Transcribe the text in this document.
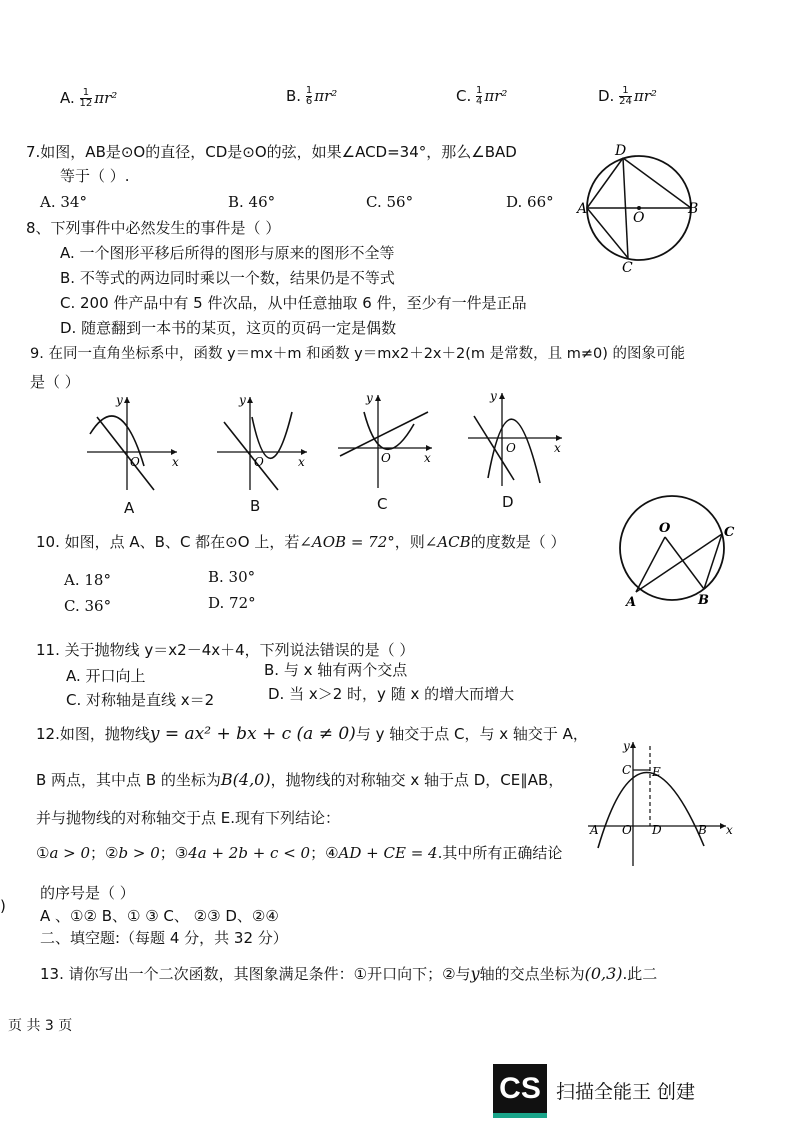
A. $\frac{1}{12} \pi r^2$	B. $\frac{1}{6} \pi r^2$	C. $\frac{1}{4} \pi r^2$	D. $\frac{1}{24} \pi r^2$
7.如图，AB是⊙O的直径，CD是⊙O的弦，如果∠ACD=34°，那么∠BAD
等于（ ）.
A. 34°	B. 46°	C. 56°	D. 66°
D
A
O
B
C
8、下列事件中必然发生的事件是（ ）
A. 一个图形平移后所得的图形与原来的图形不全等
B. 不等式的两边同时乘以一个数，结果仍是不等式
C. 200 件产品中有 5 件次品，从中任意抽取 6 件，至少有一件是正品
D. 随意翻到一本书的某页，这页的页码一定是偶数
9. 在同一直角坐标系中，函数 y＝mx＋m 和函数 y＝mx2＋2x＋2(m 是常数，且 m≠0) 的图象可能
是（ ）
y
x
O
A
y
x
O
B
y
x
O
C
y
x
O
D
10. 如图，点 A、B、C 都在⊙O 上，若∠AOB = 72°，则∠ACB的度数是（ ）
A. 18°	B. 30°
C. 36°	D. 72°
O	C
A	B
11. 关于抛物线 y＝x2－4x＋4，下列说法错误的是（ ）
A. 开口向上	B. 与 x 轴有两个交点
C. 对称轴是直线 x＝2	D. 当 x＞2 时，y 随 x 的增大而增大
12.如图，抛物线y = ax² + bx + c (a ≠ 0)与 y 轴交于点 C，与 x 轴交于 A，
B 两点，其中点 B 的坐标为B(4,0)，抛物线的对称轴交 x 轴于点 D，CE∥AB，
并与抛物线的对称轴交于点 E.现有下列结论：
①a > 0；②b > 0；③4a + 2b + c < 0；④AD + CE = 4.其中所有正确结论
的序号是（ ）
)
A 、①② B、① ③ C、 ②③ D、②④
y
x
C E
A O D	B
二、填空题:（每题 4 分，共 32 分）
13. 请你写出一个二次函数，其图象满足条件：①开口向下；②与y轴的交点坐标为(0,3).此二
页 共 3 页
CS 扫描全能王 创建
